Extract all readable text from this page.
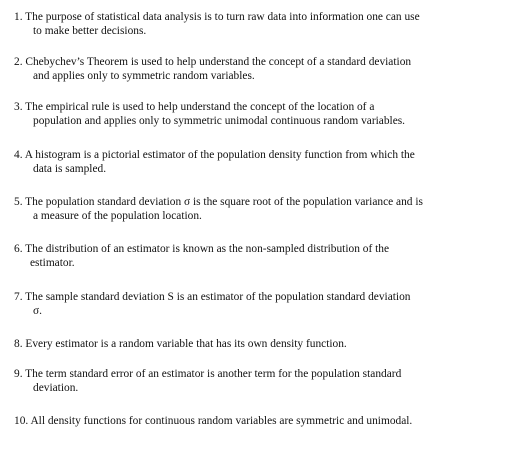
1. The purpose of statistical data analysis is to turn raw data into information one can use
to make better decisions.
2. Chebychev’s Theorem is used to help understand the concept of a standard deviation
and applies only to symmetric random variables.
3. The empirical rule is used to help understand the concept of the location of a
population and applies only to symmetric unimodal continuous random variables.
4. A histogram is a pictorial estimator of the population density function from which the
data is sampled.
5. The population standard deviation σ is the square root of the population variance and is
a measure of the population location.
6. The distribution of an estimator is known as the non-sampled distribution of the
estimator.
7. The sample standard deviation S is an estimator of the population standard deviation
σ.
8. Every estimator is a random variable that has its own density function.
9. The term standard error of an estimator is another term for the population standard
deviation.
10. All density functions for continuous random variables are symmetric and unimodal.
